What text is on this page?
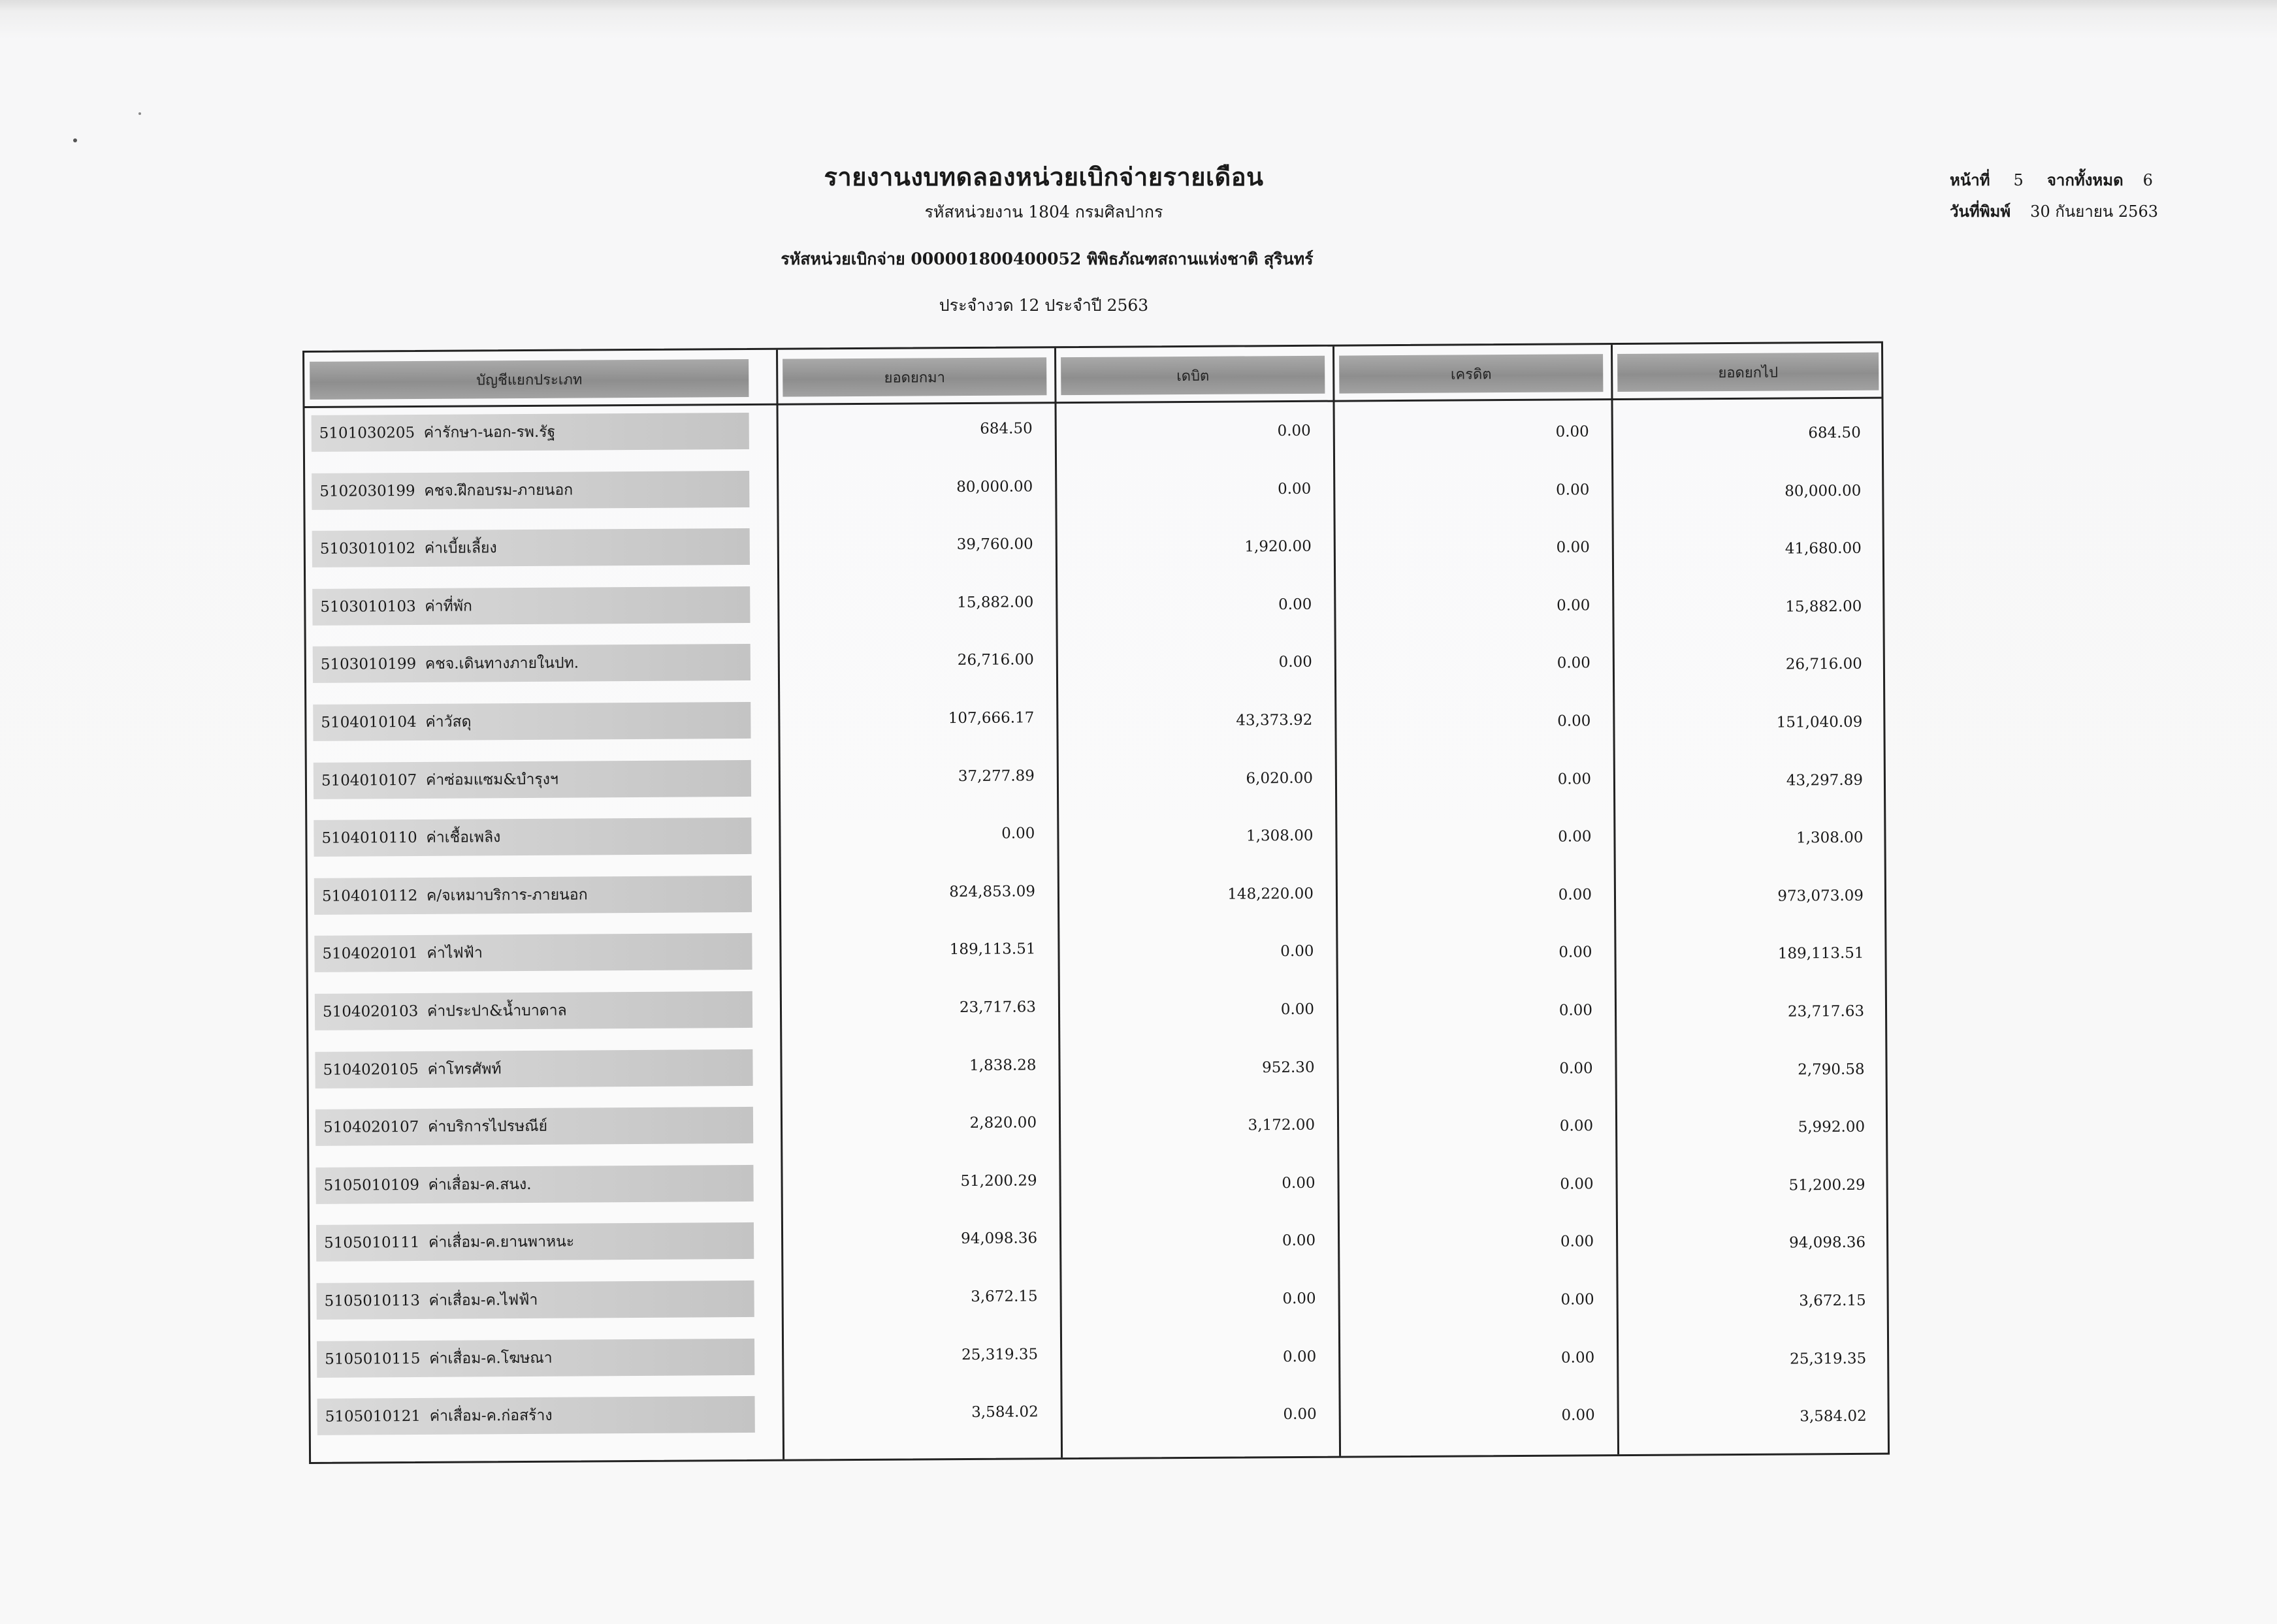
รายงานงบทดลองหน่วยเบิกจ่ายรายเดือน
รหัสหน่วยงาน 1804 กรมศิลปากร
รหัสหน่วยเบิกจ่าย 000001800400052 พิพิธภัณฑสถานแห่งชาติ สุรินทร์
ประจำงวด 12 ประจำปี 2563
หน้าที่ 5 จากทั้งหมด 6
วันที่พิมพ์ 30 กันยายน 2563
บัญชีแยกประเภท	ยอดยกมา	เดบิต	เครดิต	ยอดยกไป
5101030205 ค่ารักษา-นอก-รพ.รัฐ	684.50	0.00	0.00	684.50
5102030199 คชจ.ฝึกอบรม-ภายนอก	80,000.00	0.00	0.00	80,000.00
5103010102 ค่าเบี้ยเลี้ยง	39,760.00	1,920.00	0.00	41,680.00
5103010103 ค่าที่พัก	15,882.00	0.00	0.00	15,882.00
5103010199 คชจ.เดินทางภายในปท.	26,716.00	0.00	0.00	26,716.00
5104010104 ค่าวัสดุ	107,666.17	43,373.92	0.00	151,040.09
5104010107 ค่าซ่อมแซม&บำรุงฯ	37,277.89	6,020.00	0.00	43,297.89
5104010110 ค่าเชื้อเพลิง	0.00	1,308.00	0.00	1,308.00
5104010112 ค/จเหมาบริการ-ภายนอก	824,853.09	148,220.00	0.00	973,073.09
5104020101 ค่าไฟฟ้า	189,113.51	0.00	0.00	189,113.51
5104020103 ค่าประปา&น้ำบาดาล	23,717.63	0.00	0.00	23,717.63
5104020105 ค่าโทรศัพท์	1,838.28	952.30	0.00	2,790.58
5104020107 ค่าบริการไปรษณีย์	2,820.00	3,172.00	0.00	5,992.00
5105010109 ค่าเสื่อม-ค.สนง.	51,200.29	0.00	0.00	51,200.29
5105010111 ค่าเสื่อม-ค.ยานพาหนะ	94,098.36	0.00	0.00	94,098.36
5105010113 ค่าเสื่อม-ค.ไฟฟ้า	3,672.15	0.00	0.00	3,672.15
5105010115 ค่าเสื่อม-ค.โฆษณา	25,319.35	0.00	0.00	25,319.35
5105010121 ค่าเสื่อม-ค.ก่อสร้าง	3,584.02	0.00	0.00	3,584.02
